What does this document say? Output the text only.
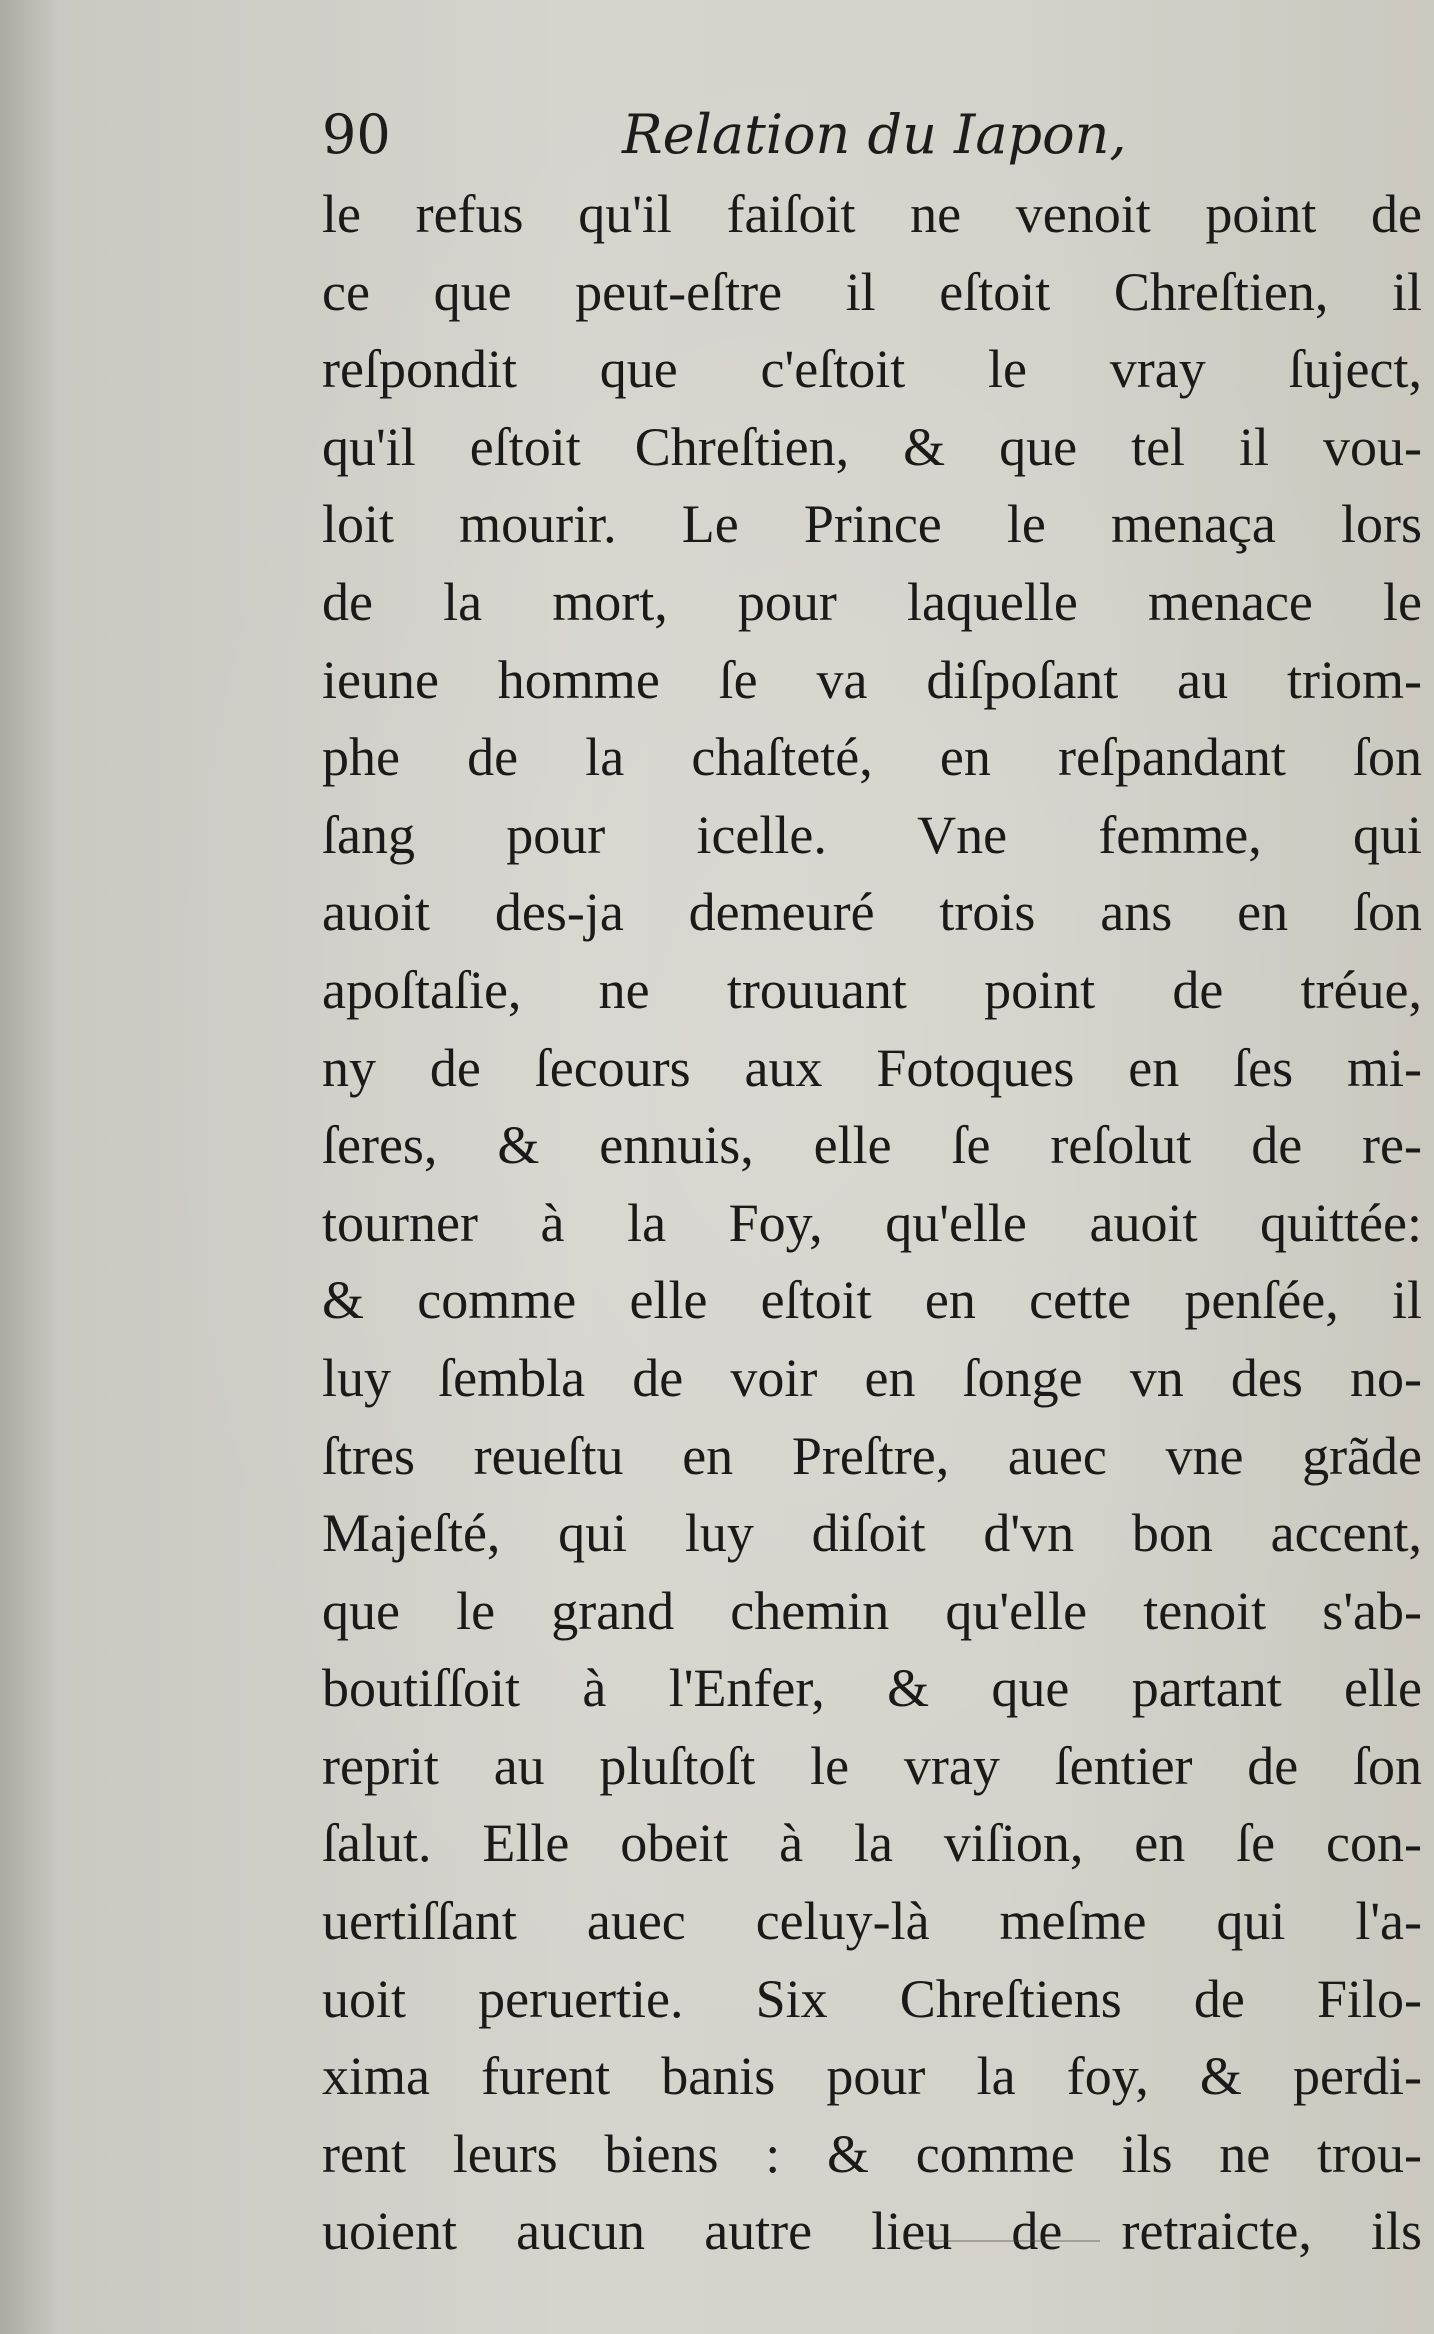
90	Relation du Iapon,
le refus qu'il faiſoit ne venoit point de
ce que peut-eſtre il eſtoit Chreſtien, il
reſpondit que c'eſtoit le vray ſuject,
qu'il eſtoit Chreſtien, & que tel il vou-
loit mourir. Le Prince le menaça lors
de la mort, pour laquelle menace le
ieune homme ſe va diſpoſant au triom-
phe de la chaſteté, en reſpandant ſon
ſang pour icelle. Vne femme, qui
auoit des-ja demeuré trois ans en ſon
apoſtaſie, ne trouuant point de tréue,
ny de ſecours aux Fotoques en ſes mi-
ſeres, & ennuis, elle ſe reſolut de re-
tourner à la Foy, qu'elle auoit quittée:
& comme elle eſtoit en cette penſée, il
luy ſembla de voir en ſonge vn des no-
ſtres reueſtu en Preſtre, auec vne grãde
Majeſté, qui luy diſoit d'vn bon accent,
que le grand chemin qu'elle tenoit s'ab-
boutiſſoit à l'Enfer, & que partant elle
reprit au pluſtoſt le vray ſentier de ſon
ſalut. Elle obeit à la viſion, en ſe con-
uertiſſant auec celuy-là meſme qui l'a-
uoit peruertie. Six Chreſtiens de Filo-
xima furent banis pour la foy, & perdi-
rent leurs biens : & comme ils ne trou-
uoient aucun autre lieu de retraicte, ils
